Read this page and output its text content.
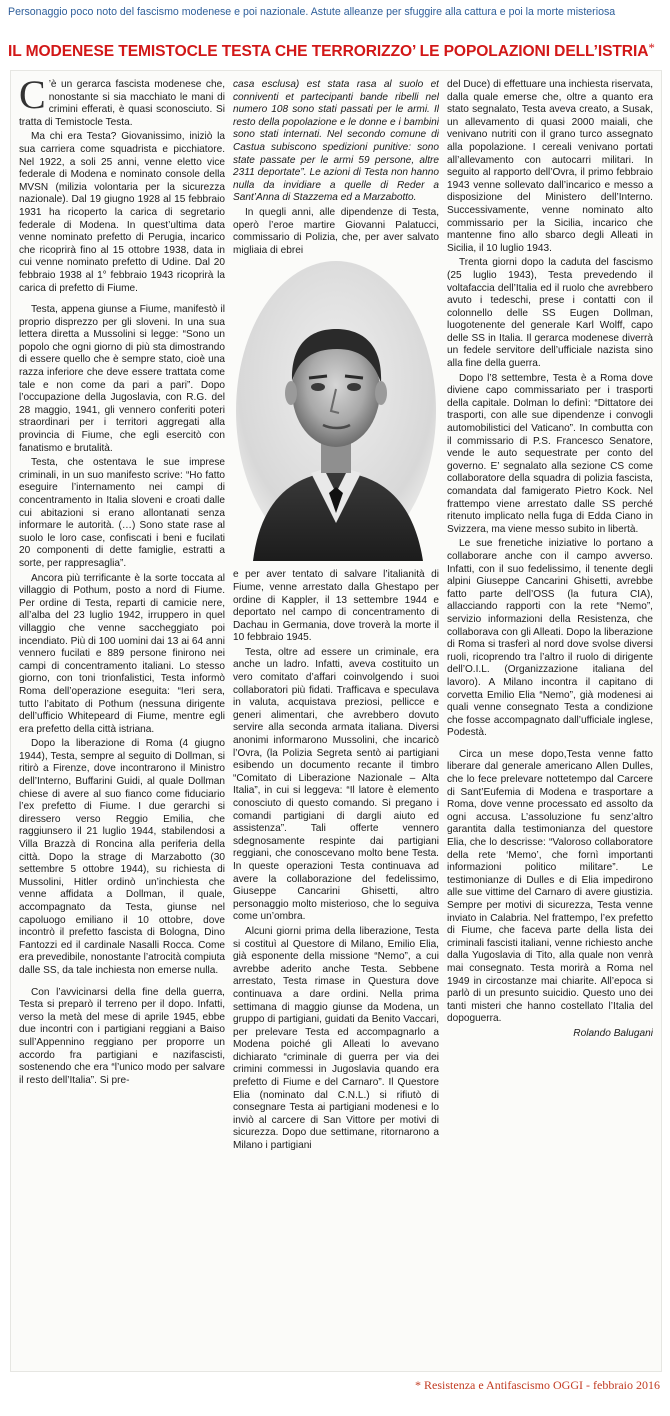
Personaggio poco noto del fascismo modenese e poi nazionale. Astute alleanze per sfuggire alla cattura e poi la morte misteriosa
IL MODENESE TEMISTOCLE TESTA CHE TERRORIZZO’ LE POPOLAZIONI DELL’ISTRIA*

C ’è un gerarca fascista modenese che, nonostante si sia macchiato le mani di crimini efferati, è quasi sconosciuto. Si tratta di Temistocle Testa.

Ma chi era Testa? Giovanissimo, iniziò la sua carriera come squadrista e picchiatore. Nel 1922, a soli 25 anni, venne eletto vice federale di Modena e nominato console della MVSN (milizia volontaria per la sicurezza nazionale). Dal 19 giugno 1928 al 15 febbraio 1931 ha ricoperto la carica di segretario federale di Modena. In quest’ultima data venne nominato prefetto di Perugia, incarico che ricoprirà fino al 15 ottobre 1938, data in cui venne nominato prefetto di Udine. Dal 20 febbraio 1938 al 1° febbraio 1943 ricoprirà la carica di prefetto di Fiume.

Testa, appena giunse a Fiume, manifestò il proprio disprezzo per gli sloveni. In una sua lettera diretta a Mussolini si legge: “Sono un popolo che ogni giorno di più sta dimostrando di essere quello che è sempre stato, cioè una razza inferiore che deve essere trattata come tale e non come da pari a pari”. Dopo l’occupazione della Jugoslavia, con R.G. del 28 maggio, 1941, gli vennero conferiti poteri straordinari per i territori aggregati alla provincia di Fiume, che egli esercitò con fanatismo e brutalità.

Testa, che ostentava le sue imprese criminali, in un suo manifesto scrive: “Ho fatto eseguire l’internamento nei campi di concentramento in Italia sloveni e croati dalle cui abitazioni si erano allontanati senza informare le autorità. (…) Sono state rase al suolo le loro case, confiscati i beni e fucilati 20 componenti di dette famiglie, estratti a sorte, per rappresaglia”.

Ancora più terrificante è la sorte toccata al villaggio di Pothum, posto a nord di Fiume. Per ordine di Testa, reparti di camicie nere, all’alba del 23 luglio 1942, irruppero in quel villaggio che venne saccheggiato poi incendiato. Più di 100 uomini dai 13 ai 64 anni vennero fucilati e 889 persone finirono nei campi di concentramento italiani. Lo stesso giorno, con toni trionfalistici, Testa informò Roma dell’operazione eseguita: “Ieri sera, tutto l’abitato di Pothum (nessuna dirigente dell’ufficio Whitepeard di Fiume, mentre egli era prefetto della città istriana.

Dopo la liberazione di Roma (4 giugno 1944), Testa, sempre al seguito di Dollman, si ritirò a Firenze, dove incontrarono il Ministro dell’Interno, Buffarini Guidi, al quale Dollman chiese di avere al suo fianco come fiduciario l’ex prefetto di Fiume. I due gerarchi si diressero verso Reggio Emilia, che raggiunsero il 21 luglio 1944, stabilendosi a Villa Brazzà di Roncina alla periferia della città. Dopo la strage di Marzabotto (30 settembre 5 ottobre 1944), su richiesta di Mussolini, Hitler ordinò un’inchiesta che venne affidata a Dollman, il quale, accompagnato da Testa, giunse nel capoluogo emiliano il 10 ottobre, dove incontrò il prefetto fascista di Bologna, Dino Fantozzi ed il cardinale Nasalli Rocca. Come era prevedibile, nonostante l’atrocità compiuta dalle SS, da tale inchiesta non emerse nulla.

Con l’avvicinarsi della fine della guerra, Testa si preparò il terreno per il dopo. Infatti, verso la metà del mese di aprile 1945, ebbe due incontri con i partigiani reggiani a Baiso sull’Appennino reggiano per proporre un accordo fra partigiani e nazifascisti, sostenendo che era “l’unico modo per salvare il resto dell’Italia”. Si pre-

casa esclusa) est stata rasa al suolo et conniventi et partecipanti bande ribelli nel numero 108 sono stati passati per le armi. Il resto della popolazione e le donne e i bambini sono stati internati. Nel secondo comune di Castua subiscono spedizioni punitive: sono state passate per le armi 59 persone, altre 2311 deportate”. Le azioni di Testa non hanno nulla da invidiare a quelle di Reder a Sant’Anna di Stazzema ed a Marzabotto.

In quegli anni, alle dipendenze di Testa, operò l’eroe martire Giovanni Palatucci, commissario di Polizia, che, per aver salvato migliaia di ebrei

e per aver tentato di salvare l’italianità di Fiume, venne arrestato dalla Ghestapo per ordine di Kappler, il 13 settembre 1944 e deportato nel campo di concentramento di Dachau in Germania, dove troverà la morte il 10 febbraio 1945.

Testa, oltre ad essere un criminale, era anche un ladro. Infatti, aveva costituito un vero comitato d’affari coinvolgendo i suoi collaboratori più fidati. Trafficava e speculava in valuta, acquistava preziosi, pellicce e generi alimentari, che avrebbero dovuto servire alla seconda armata italiana. Diversi anonimi informarono Mussolini, che incaricò l’Ovra, (la Polizia Segreta sentò ai partigiani esibendo un documento recante il timbro “Comitato di Liberazione Nazionale – Alta Italia”, in cui si leggeva: “Il latore è elemento conosciuto di questo comando. Si pregano i comandi partigiani di dargli aiuto ed assistenza”. Tali offerte vennero sdegnosamente respinte dai partigiani reggiani, che conoscevano molto bene Testa. In queste operazioni Testa continuava ad avere la collaborazione del fedelissimo, Giuseppe Cancarini Ghisetti, altro personaggio molto misterioso, che lo seguiva come un’ombra.

Alcuni giorni prima della liberazione, Testa si costituì al Questore di Milano, Emilio Elia, già esponente della missione “Nemo”, a cui avrebbe aderito anche Testa. Sebbene arrestato, Testa rimase in Questura dove continuava a dare ordini. Nella prima settimana di maggio giunse da Modena, un gruppo di partigiani, guidati da Benito Vaccari, per prelevare Testa ed accompagnarlo a Modena poiché gli Alleati lo avevano dichiarato “criminale di guerra per via dei crimini commessi in Jugoslavia quando era prefetto di Fiume e del Carnaro”. Il Questore Elia (nominato dal C.N.L.) si rifiutò di consegnare Testa ai partigiani modenesi e lo inviò al carcere di San Vittore per motivi di sicurezza. Dopo due settimane, ritornarono a Milano i partigiani

del Duce) di effettuare una inchiesta riservata, dalla quale emerse che, oltre a quanto era stato segnalato, Testa aveva creato, a Susak, un allevamento di quasi 2000 maiali, che venivano nutriti con il grano turco assegnato alla popolazione. I cereali venivano portati all’allevamento con autocarri militari. In seguito al rapporto dell’Ovra, il primo febbraio 1943 venne sollevato dall’incarico e messo a disposizione del Ministero dell’Interno. Successivamente, venne nominato alto commissario per la Sicilia, incarico che mantenne fino allo sbarco degli Alleati in Sicilia, il 10 luglio 1943.

Trenta giorni dopo la caduta del fascismo (25 luglio 1943), Testa prevedendo il voltafaccia dell’Italia ed il ruolo che avrebbero avuto i tedeschi, prese i contatti con il colonnello delle SS Eugen Dollman, luogotenente del generale Karl Wolff, capo delle SS in Italia. Il gerarca modenese diverrà un fedele servitore dell’ufficiale nazista sino alla fine della guerra.

Dopo l’8 settembre, Testa è a Roma dove diviene capo commissariato per i trasporti della capitale. Dolman lo definì: “Dittatore dei trasporti, con alle sue dipendenze i convogli automobilistici del Vaticano”. In combutta con il commissario di P.S. Francesco Senatore, vende le auto sequestrate per conto del governo. E’ segnalato alla sezione CS come collaboratore della squadra di polizia fascista, comandata dal famigerato Pietro Kock. Nel frattempo viene arrestato dalle SS perché ritenuto implicato nella fuga di Edda Ciano in Svizzera, ma viene messo subito in libertà.

Le sue frenetiche iniziative lo portano a collaborare anche con il campo avverso. Infatti, con il suo fedelissimo, il tenente degli alpini Giuseppe Cancarini Ghisetti, avrebbe fatto parte dell’OSS (la futura CIA), allacciando rapporti con la rete “Nemo”, servizio informazioni della Resistenza, che collaborava con gli Alleati. Dopo la liberazione di Roma si trasferì al nord dove svolse diversi ruoli, ricoprendo tra l’altro il ruolo di dirigente dell’O.I.L. (Organizzazione italiana del lavoro). A Milano incontra il capitano di corvetta Emilio Elia “Nemo”, già modenesi ai quali venne consegnato Testa a condizione che fosse accompagnato dall’ufficiale inglese, Podestà.

Circa un mese dopo,Testa venne fatto liberare dal generale americano Allen Dulles, che lo fece prelevare nottetempo dal Carcere di Sant’Eufemia di Modena e trasportare a Roma, dove venne processato ed assolto da ogni accusa. L’assoluzione fu senz’altro garantita dalla testimonianza del questore Elia, che lo descrisse: “Valoroso collaboratore della rete ‘Memo’, che fornì importanti informazioni politico militare”. Le testimonianze di Dulles e di Elia impedirono alle sue vittime del Carnaro di avere giustizia. Sempre per motivi di sicurezza, Testa venne inviato in Calabria. Nel frattempo, l’ex prefetto di Fiume, che faceva parte della lista dei criminali fascisti italiani, venne richiesto anche dalla Yugoslavia di Tito, alla quale non venrà mai consegnato. Testa morirà a Roma nel 1949 in circostanze mai chiarite. All’epoca si parlò di un presunto suicidio. Questo uno dei tanti misteri che hanno costellato l’Italia del dopoguerra.

Rolando Balugani

* Resistenza e Antifascismo OGGI - febbraio 2016
